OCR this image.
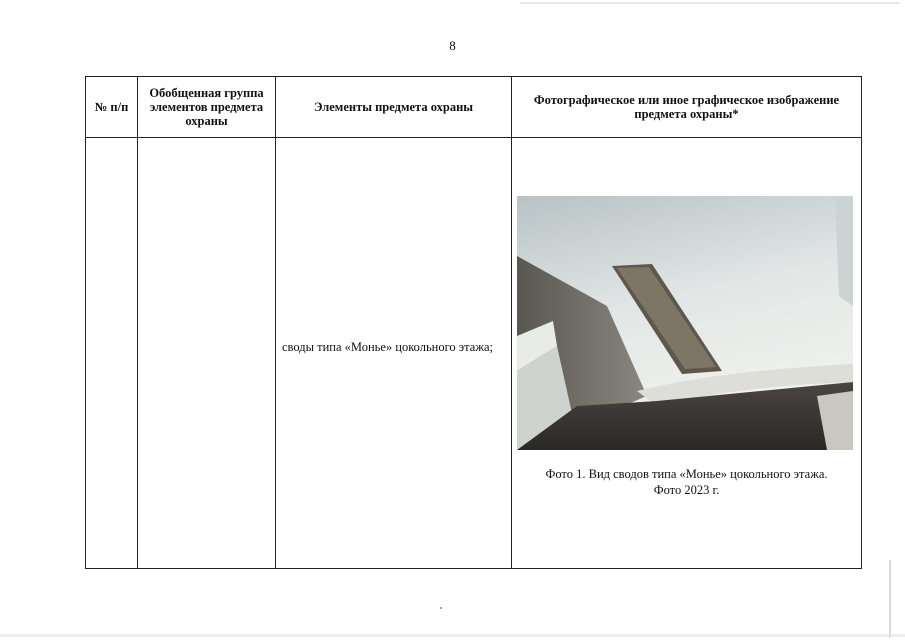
8
№ п/п	Обобщенная группа элементов предмета охраны	Элементы предмета охраны	Фотографическое или иное графическое изображение предмета охраны*

		своды типа «Монье» цокольного этажа;	Фото 1. Вид сводов типа «Монье» цокольного этажа.
Фото 2023 г.
